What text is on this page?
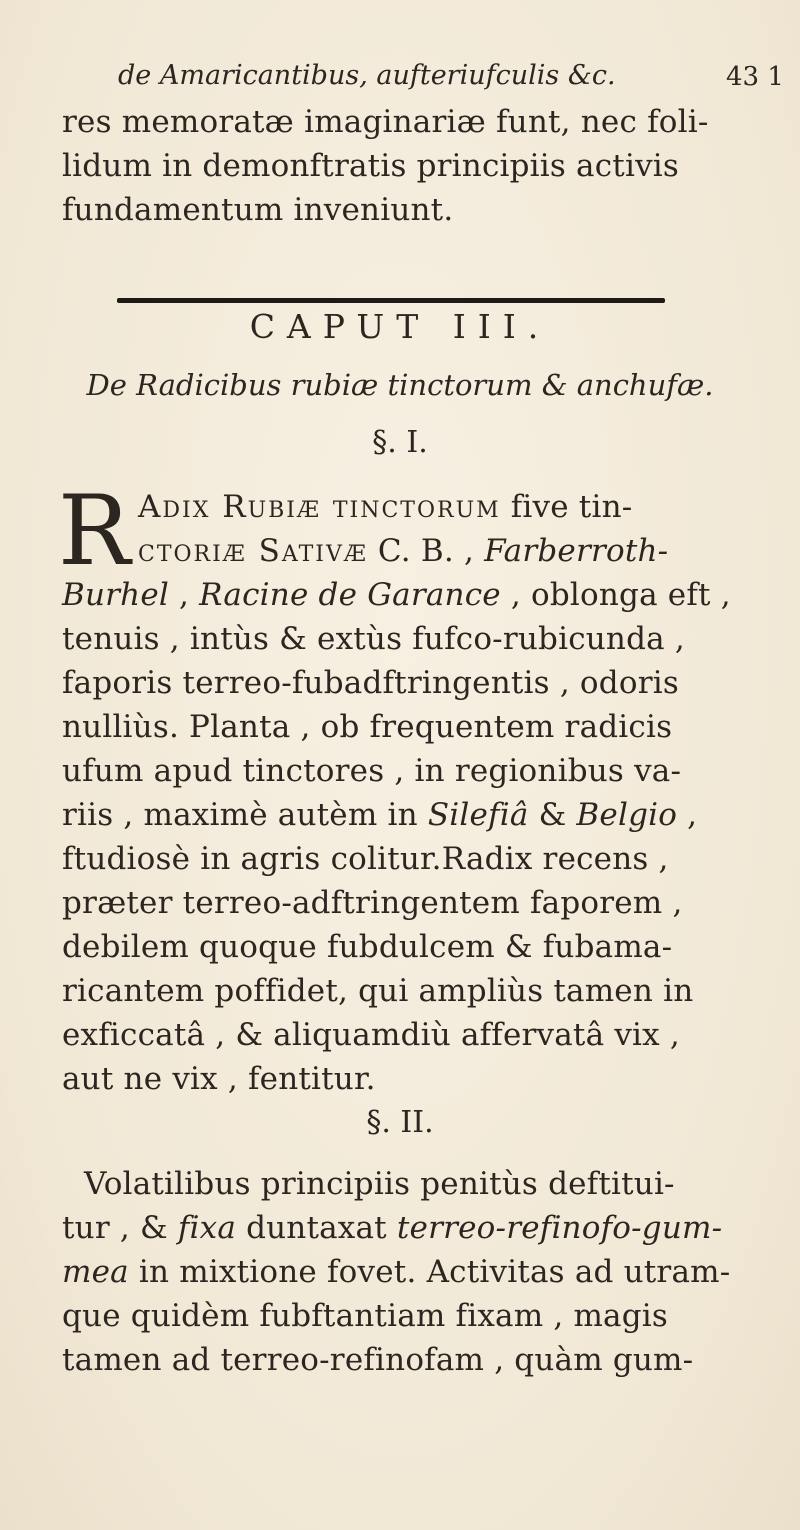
de Amaricantibus, aufteriufculis &c.	43 1
res memoratæ imaginariæ funt, nec foli-
lidum in demonftratis principiis activis
fundamentum inveniunt.
CAPUT III.
De Radicibus rubiæ tinctorum & anchufæ.
§. I.
R Adix Rubiæ tinctorum five tin-
ctoriæ Sativæ C. B. , Farberroth-
Burhel , Racine de Garance , oblonga eft ,
tenuis , intùs & extùs fufco-rubicunda ,
faporis terreo-fubadftringentis , odoris
nulliùs. Planta , ob frequentem radicis
ufum apud tinctores , in regionibus va-
riis , maximè autèm in Silefiâ & Belgio ,
ftudiosè in agris colitur.Radix recens ,
præter terreo-adftringentem faporem ,
debilem quoque fubdulcem & fubama-
ricantem poffidet, qui ampliùs tamen in
exficcatâ , & aliquamdiù affervatâ vix ,
aut ne vix , fentitur.
§. II.
Volatilibus principiis penitùs deftitui-
tur , & fixa duntaxat terreo-refinofo-gum-
mea in mixtione fovet. Activitas ad utram-
que quidèm fubftantiam fixam , magis
tamen ad terreo-refinofam , quàm gum-
